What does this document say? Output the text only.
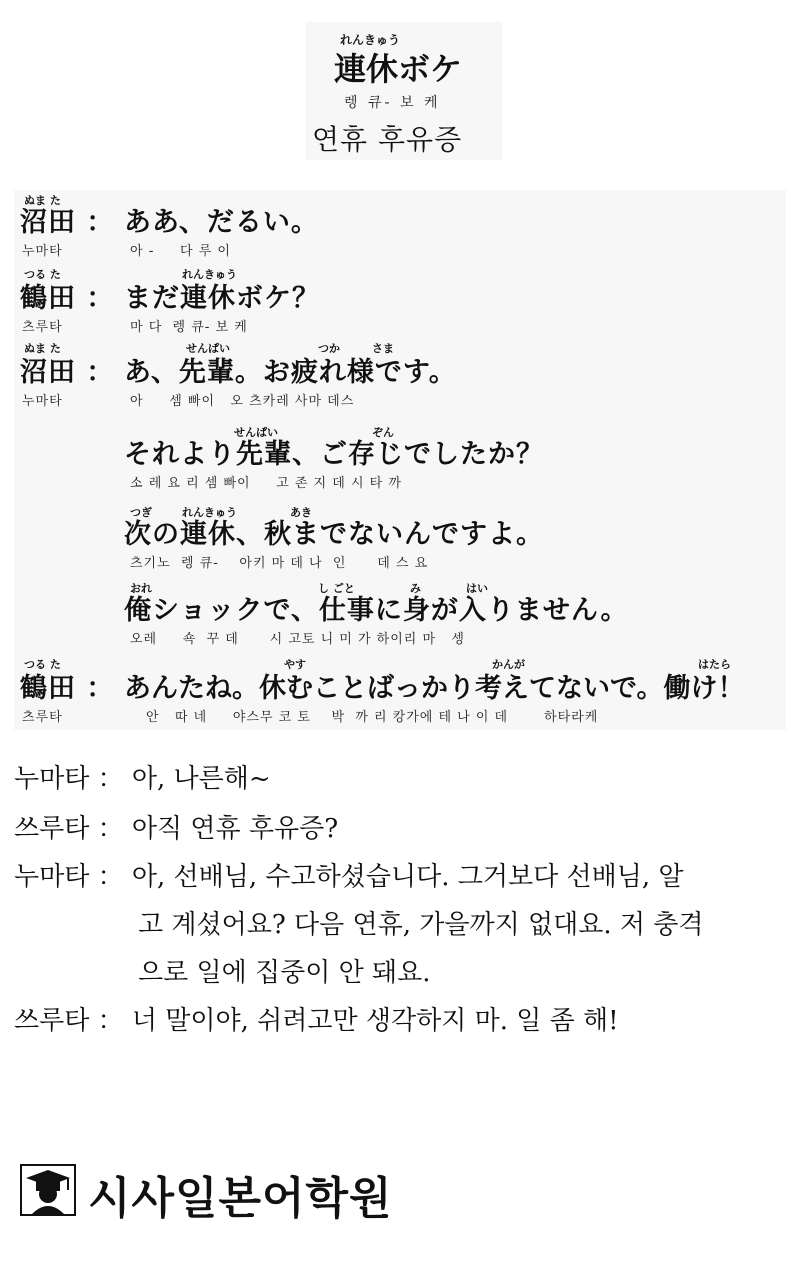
れんきゅう
連休ボケ
렝 큐- 보 케
연휴 후유증
ぬま た
沼田 ： ああ、だるい。
누마타	아 -     다 루 이
つる た	れんきゅう
鶴田 ： まだ連休ボケ？
츠루타	마 다  렝 큐- 보 케
ぬま た	せんぱい	つか	さま
沼田 ： あ、先輩。お疲れ様です。
누마타	아     셈 빠이   오 츠카레 사마 데스
せんぱい	ぞん
それより先輩、ご存じでしたか？
소 레 요 리 셈 빠이     고 존 지 데 시 타 까
つぎ	れんきゅう	あき
次の連休、秋までないんですよ。
츠기노  렝 큐-    아키 마 데 나  인      데 스 요
おれ	し ごと	み	はい
俺ショックで、仕事に身が入りません。
오레     쇽  꾸 데      시 고토 니 미 가 하이리 마   셍
つる た	やす	かんが	はたら
鶴田 ： あんたね。休むことばっかり考えてないで。働け！
츠루타	안   따 네     야스무 코 토    박  까 리 캉가에 테 나 이 데       하타라케
누마타 ： 아, 나른해~
쓰루타 ： 아직 연휴 후유증?
누마타 ： 아, 선배님, 수고하셨습니다. 그거보다 선배님, 알
고 계셨어요? 다음 연휴, 가을까지 없대요. 저 충격
으로 일에 집중이 안 돼요.
쓰루타 ： 너 말이야, 쉬려고만 생각하지 마. 일 좀 해!
시사일본어학원
